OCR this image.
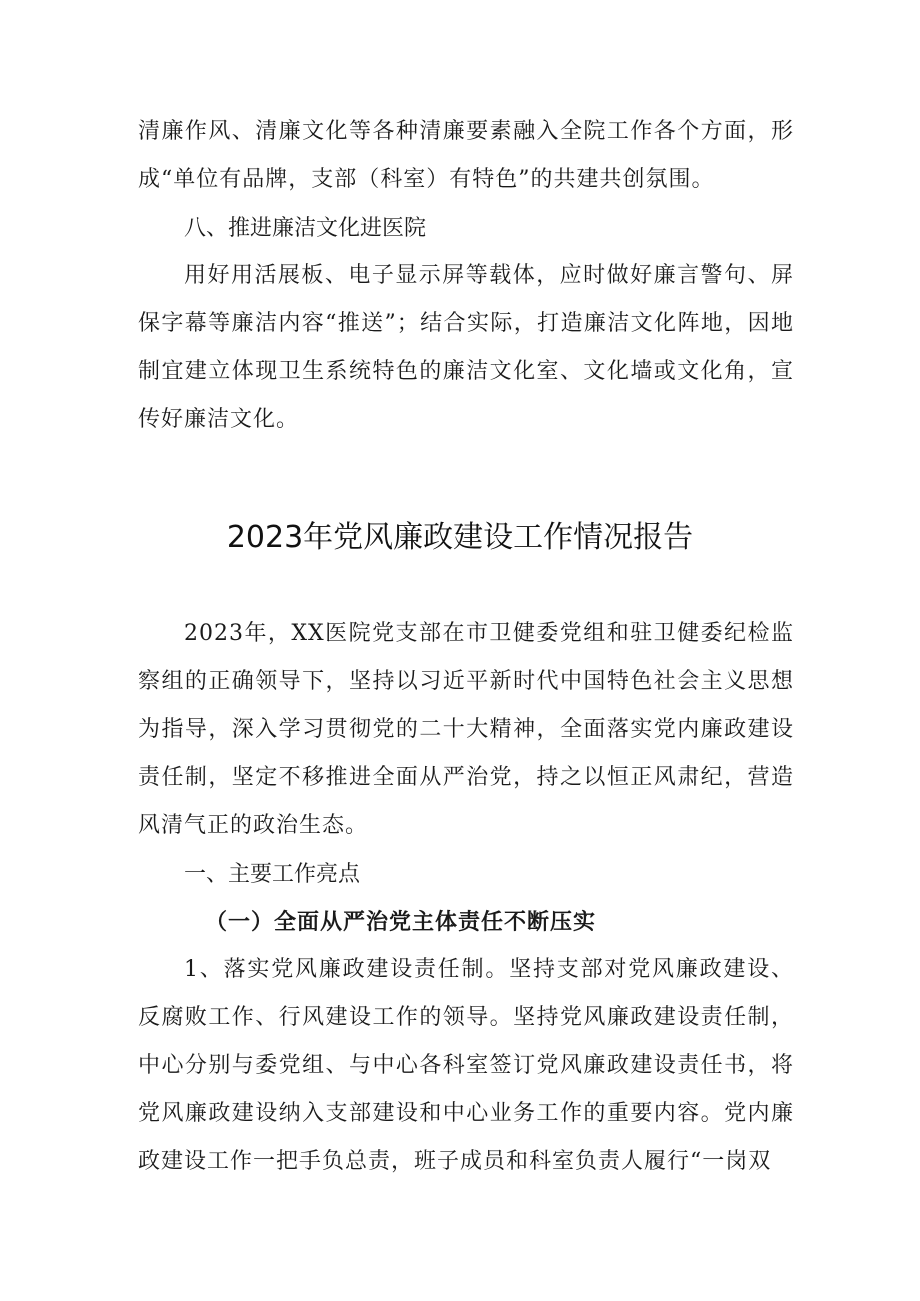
清廉作风、清廉文化等各种清廉要素融入全院工作各个方面，形成“单位有品牌，支部（科室）有特色”的共建共创氛围。

八、推进廉洁文化进医院

用好用活展板、电子显示屏等载体，应时做好廉言警句、屏保字幕等廉洁内容“推送”；结合实际，打造廉洁文化阵地，因地制宜建立体现卫生系统特色的廉洁文化室、文化墙或文化角，宣传好廉洁文化。

2023年党风廉政建设工作情况报告

2023年，XX医院党支部在市卫健委党组和驻卫健委纪检监察组的正确领导下，坚持以习近平新时代中国特色社会主义思想为指导，深入学习贯彻党的二十大精神，全面落实党内廉政建设责任制，坚定不移推进全面从严治党，持之以恒正风肃纪，营造风清气正的政治生态。

一、主要工作亮点
（一）全面从严治党主体责任不断压实

1、落实党风廉政建设责任制。坚持支部对党风廉政建设、反腐败工作、行风建设工作的领导。坚持党风廉政建设责任制，中心分别与委党组、与中心各科室签订党风廉政建设责任书，将党风廉政建设纳入支部建设和中心业务工作的重要内容。党内廉政建设工作一把手负总责，班子成员和科室负责人履行“一岗双
